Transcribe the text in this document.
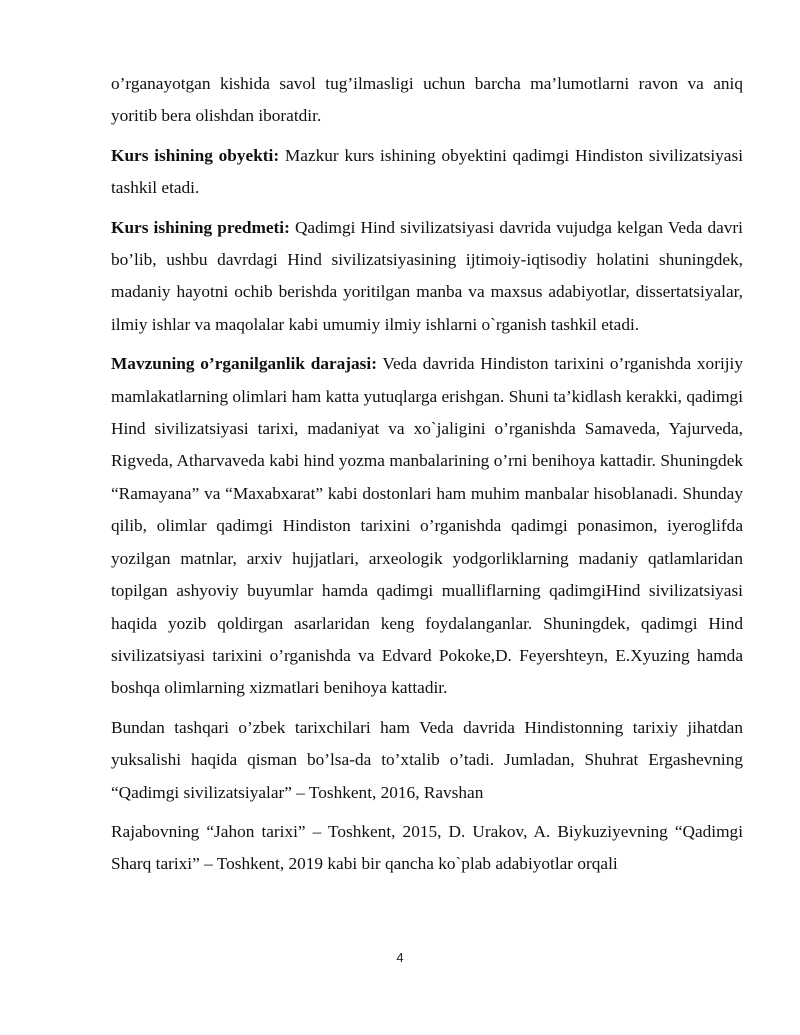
o’rganayotgan kishida savol tug’ilmasligi uchun barcha ma’lumotlarni ravon va aniq yoritib bera olishdan iboratdir.

Kurs ishining obyekti: Mazkur kurs ishining obyektini qadimgi Hindiston sivilizatsiyasi tashkil etadi.

Kurs ishining predmeti: Qadimgi Hind sivilizatsiyasi davrida vujudga kelgan Veda davri bo’lib, ushbu davrdagi Hind sivilizatsiyasining ijtimoiy-iqtisodiy holatini shuningdek, madaniy hayotni ochib berishda yoritilgan manba va maxsus adabiyotlar, dissertatsiyalar, ilmiy ishlar va maqolalar kabi umumiy ilmiy ishlarni o`rganish tashkil etadi.

Mavzuning o’rganilganlik darajasi: Veda davrida Hindiston tarixini o’rganishda xorijiy mamlakatlarning olimlari ham katta yutuqlarga erishgan. Shuni ta’kidlash kerakki, qadimgi Hind sivilizatsiyasi tarixi, madaniyat va xo`jaligini o’rganishda Samaveda, Yajurveda, Rigveda, Atharvaveda kabi hind yozma manbalarining o’rni benihoya kattadir. Shuningdek “Ramayana” va “Maxabxarat” kabi dostonlari ham muhim manbalar hisoblanadi. Shunday qilib, olimlar qadimgi Hindiston tarixini o’rganishda qadimgi ponasimon, iyeroglifda yozilgan matnlar, arxiv hujjatlari, arxeologik yodgorliklarning madaniy qatlamlaridan topilgan ashyoviy buyumlar hamda qadimgi mualliflarning qadimgiHind sivilizatsiyasi haqida yozib qoldirgan asarlaridan keng foydalanganlar. Shuningdek, qadimgi Hind sivilizatsiyasi tarixini o’rganishda va Edvard Pokoke,D. Feyershteyn, E.Xyuzing hamda boshqa olimlarning xizmatlari benihoya kattadir.

Bundan tashqari o’zbek tarixchilari ham Veda davrida Hindistonning tarixiy jihatdan yuksalishi haqida qisman bo’lsa-da to’xtalib o’tadi. Jumladan, Shuhrat Ergashevning “Qadimgi sivilizatsiyalar” – Toshkent, 2016, Ravshan

Rajabovning “Jahon tarixi” – Toshkent, 2015, D. Urakov, A. Biykuziyevning “Qadimgi Sharq tarixi” – Toshkent, 2019 kabi bir qancha ko`plab adabiyotlar orqali

4
